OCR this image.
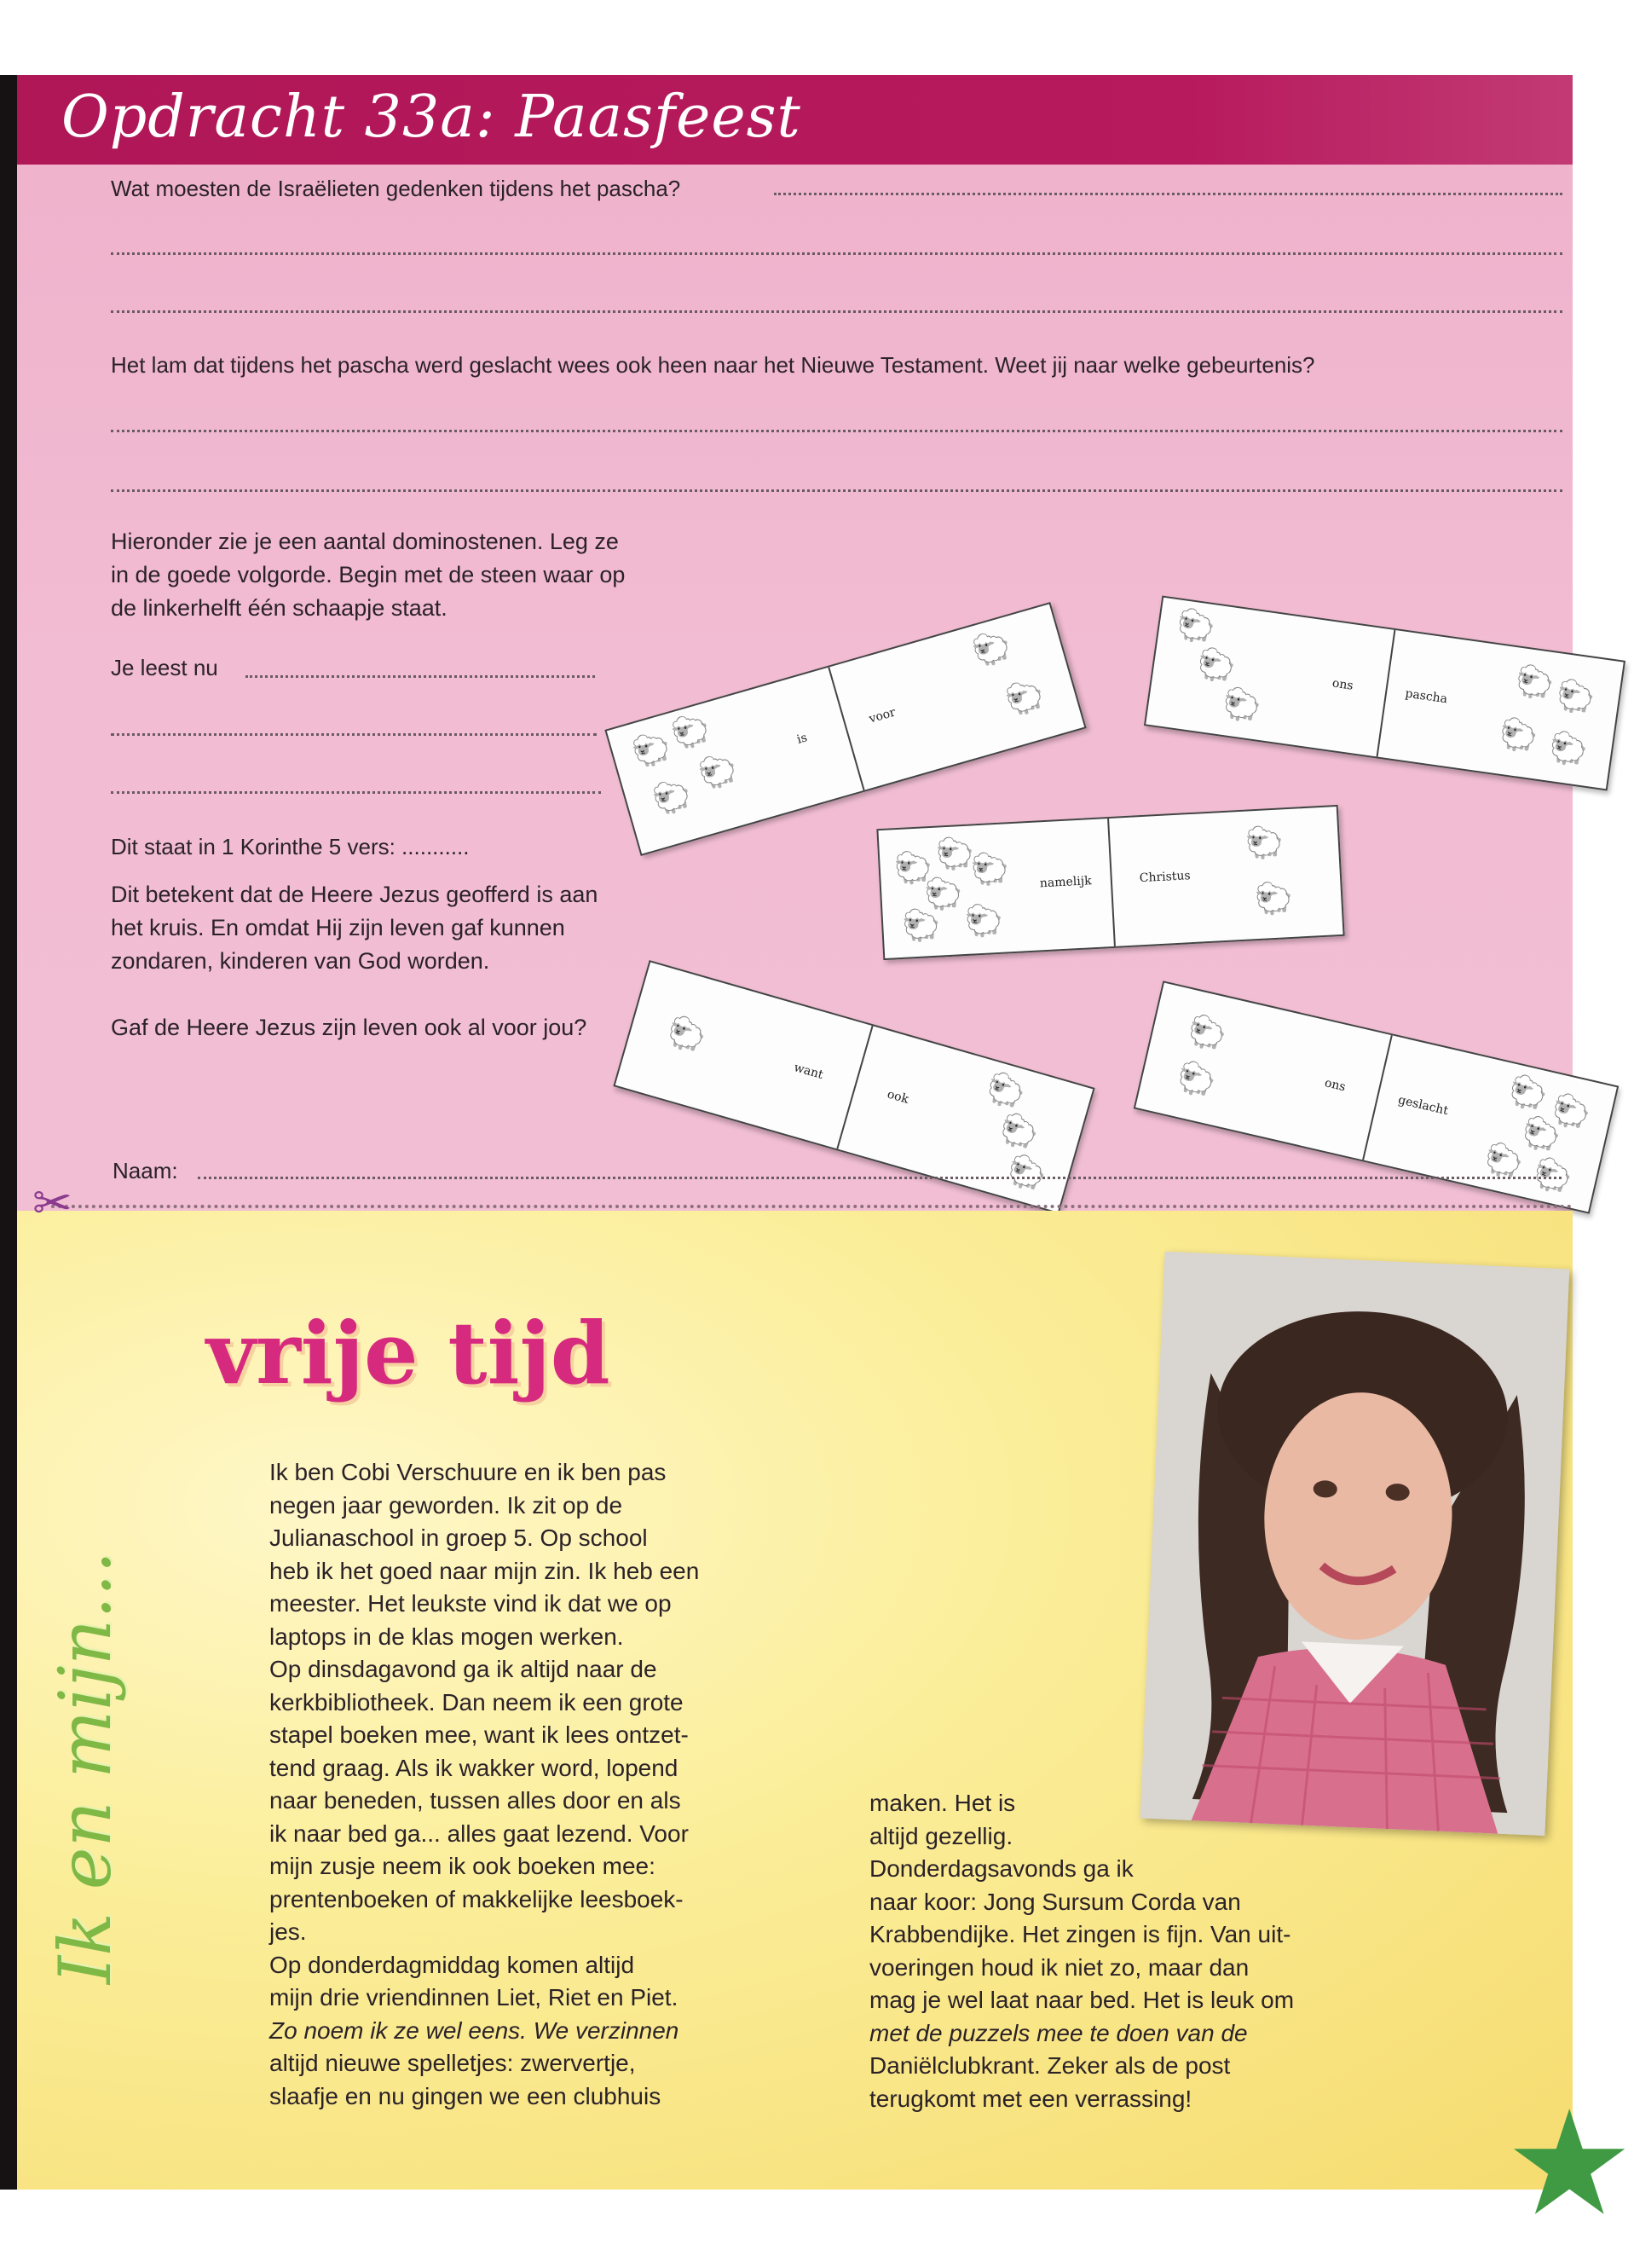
Opdracht 33a: Paasfeest
Wat moesten de Israëlieten gedenken tijdens het pascha?
Het lam dat tijdens het pascha werd geslacht wees ook heen naar het Nieuwe Testament. Weet jij naar welke gebeurtenis?
Hieronder zie je een aantal dominostenen. Leg ze in de goede volgorde. Begin met de steen waar op de linkerhelft één schaapje staat.
Je leest nu
Dit staat in 1 Korinthe 5 vers: ...........
Dit betekent dat de Heere Jezus geofferd is aan het kruis. En omdat Hij zijn leven gaf kunnen zondaren, kinderen van God worden.
Gaf de Heere Jezus zijn leven ook al voor jou?
🐑
🐑
🐑
🐑
is
voor
🐑
🐑
🐑
🐑
🐑	ons
pascha 🐑
🐑
🐑 🐑
🐑 🐑
🐑
🐑
🐑 🐑
namelijk	Christus
🐑
🐑
🐑
want
ook 🐑
🐑
🐑
🐑
🐑	ons
geslacht 🐑
🐑
🐑
🐑 🐑
Naam:
✂
Ik en mijn...
vrije tijd
Ik ben Cobi Verschuure en ik ben pas
negen jaar geworden. Ik zit op de
Julianaschool in groep 5. Op school
heb ik het goed naar mijn zin. Ik heb een
meester. Het leukste vind ik dat we op
laptops in de klas mogen werken.
Op dinsdagavond ga ik altijd naar de
kerkbibliotheek. Dan neem ik een grote
stapel boeken mee, want ik lees ontzet-
tend graag. Als ik wakker word, lopend
naar beneden, tussen alles door en als
ik naar bed ga... alles gaat lezend. Voor
mijn zusje neem ik ook boeken mee:
prentenboeken of makkelijke leesboek-
jes.
Op donderdagmiddag komen altijd
mijn drie vriendinnen Liet, Riet en Piet.
Zo noem ik ze wel eens. We verzinnen
altijd nieuwe spelletjes: zwervertje,
slaafje en nu gingen we een clubhuis
maken. Het is
altijd gezellig.
Donderdagsavonds ga ik
naar koor: Jong Sursum Corda van
Krabbendijke. Het zingen is fijn. Van uit-
voeringen houd ik niet zo, maar dan
mag je wel laat naar bed. Het is leuk om
met de puzzels mee te doen van de
Daniëlclubkrant. Zeker als de post
terugkomt met een verrassing!	★
